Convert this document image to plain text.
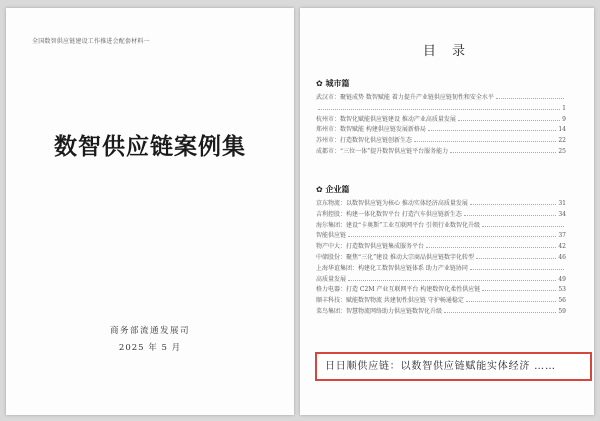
全国数智供应链建设工作推进会配套材料一
数智供应链案例集
商务部流通发展司
2025 年 5 月
目 录
✿ 城市篇
武汉市：聚链成势 数智赋能 着力提升产业链供应链韧性和安全水平
1
杭州市：数智化赋能供应链建设 推动产业高质量发展	9
郑州市：数智赋能 构建供应链发展新格局	14
苏州市：打造数智化供应链创新生态	22
成都市：“三位一体”提升数智供应链平台服务能力	25
✿ 企业篇
京东物流：以数智供应链为核心 推动实体经济高质量发展	31
吉利控股：构建一体化数智平台 打造汽车供应链新生态	34
海尔集团：建设“卡奥斯”工业互联网平台 引领行业数智化升级
智能供应链	37
物产中大：打造数智供应链集成服务平台	42
中储股份：聚焦“三化”建设 推动大宗商品供应链数字化转型	46
上海华谊集团：构建化工数智供应链体系 助力产业链协同
高质量发展	49
格力电器：打造 C2M 产业互联网平台 构建数智化柔性供应链	53
顺丰科技：赋能数智物流 共建韧性供应链 守护畅通稳定	56
菜鸟集团：智慧物流网络助力供应链数智化升级	59
日日顺供应链：以数智供应链赋能实体经济 ……
